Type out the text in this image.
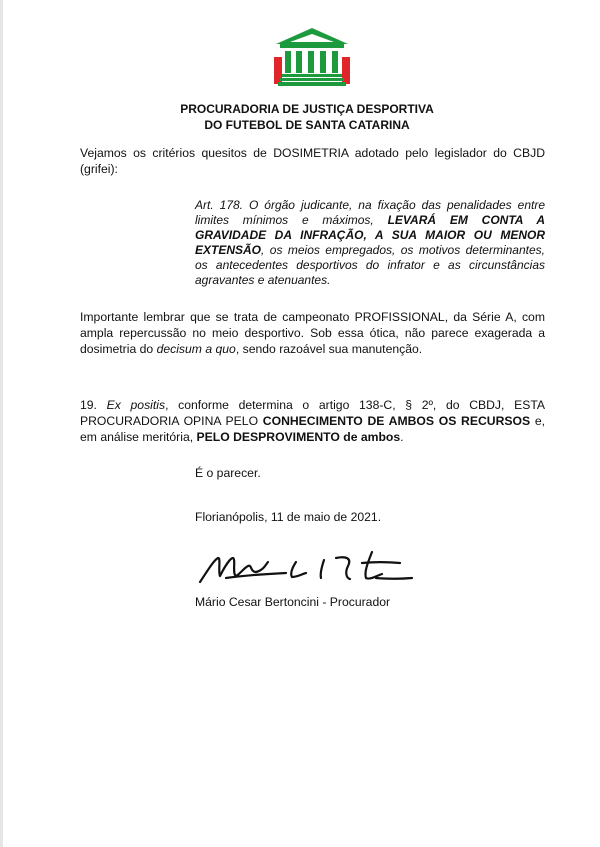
PROCURADORIA DE JUSTIÇA DESPORTIVA
DO FUTEBOL DE SANTA CATARINA
Vejamos os critérios quesitos de DOSIMETRIA adotado pelo legislador do CBJD
(grifei):
Art. 178. O órgão judicante, na fixação das penalidades entre
limites mínimos e máximos, LEVARÁ EM CONTA A
GRAVIDADE DA INFRAÇÃO, A SUA MAIOR OU MENOR
EXTENSÃO, os meios empregados, os motivos determinantes,
os antecedentes desportivos do infrator e as circunstâncias
agravantes e atenuantes.
Importante lembrar que se trata de campeonato PROFISSIONAL, da Série A, com
ampla repercussão no meio desportivo. Sob essa ótica, não parece exagerada a
dosimetria do decisum a quo, sendo razoável sua manutenção.
19. Ex positis, conforme determina o artigo 138-C, § 2º, do CBDJ, ESTA
PROCURADORIA OPINA PELO CONHECIMENTO DE AMBOS OS RECURSOS e,
em análise meritória, PELO DESPROVIMENTO de ambos.
É o parecer.
Florianópolis, 11 de maio de 2021.
Mário Cesar Bertoncini - Procurador
